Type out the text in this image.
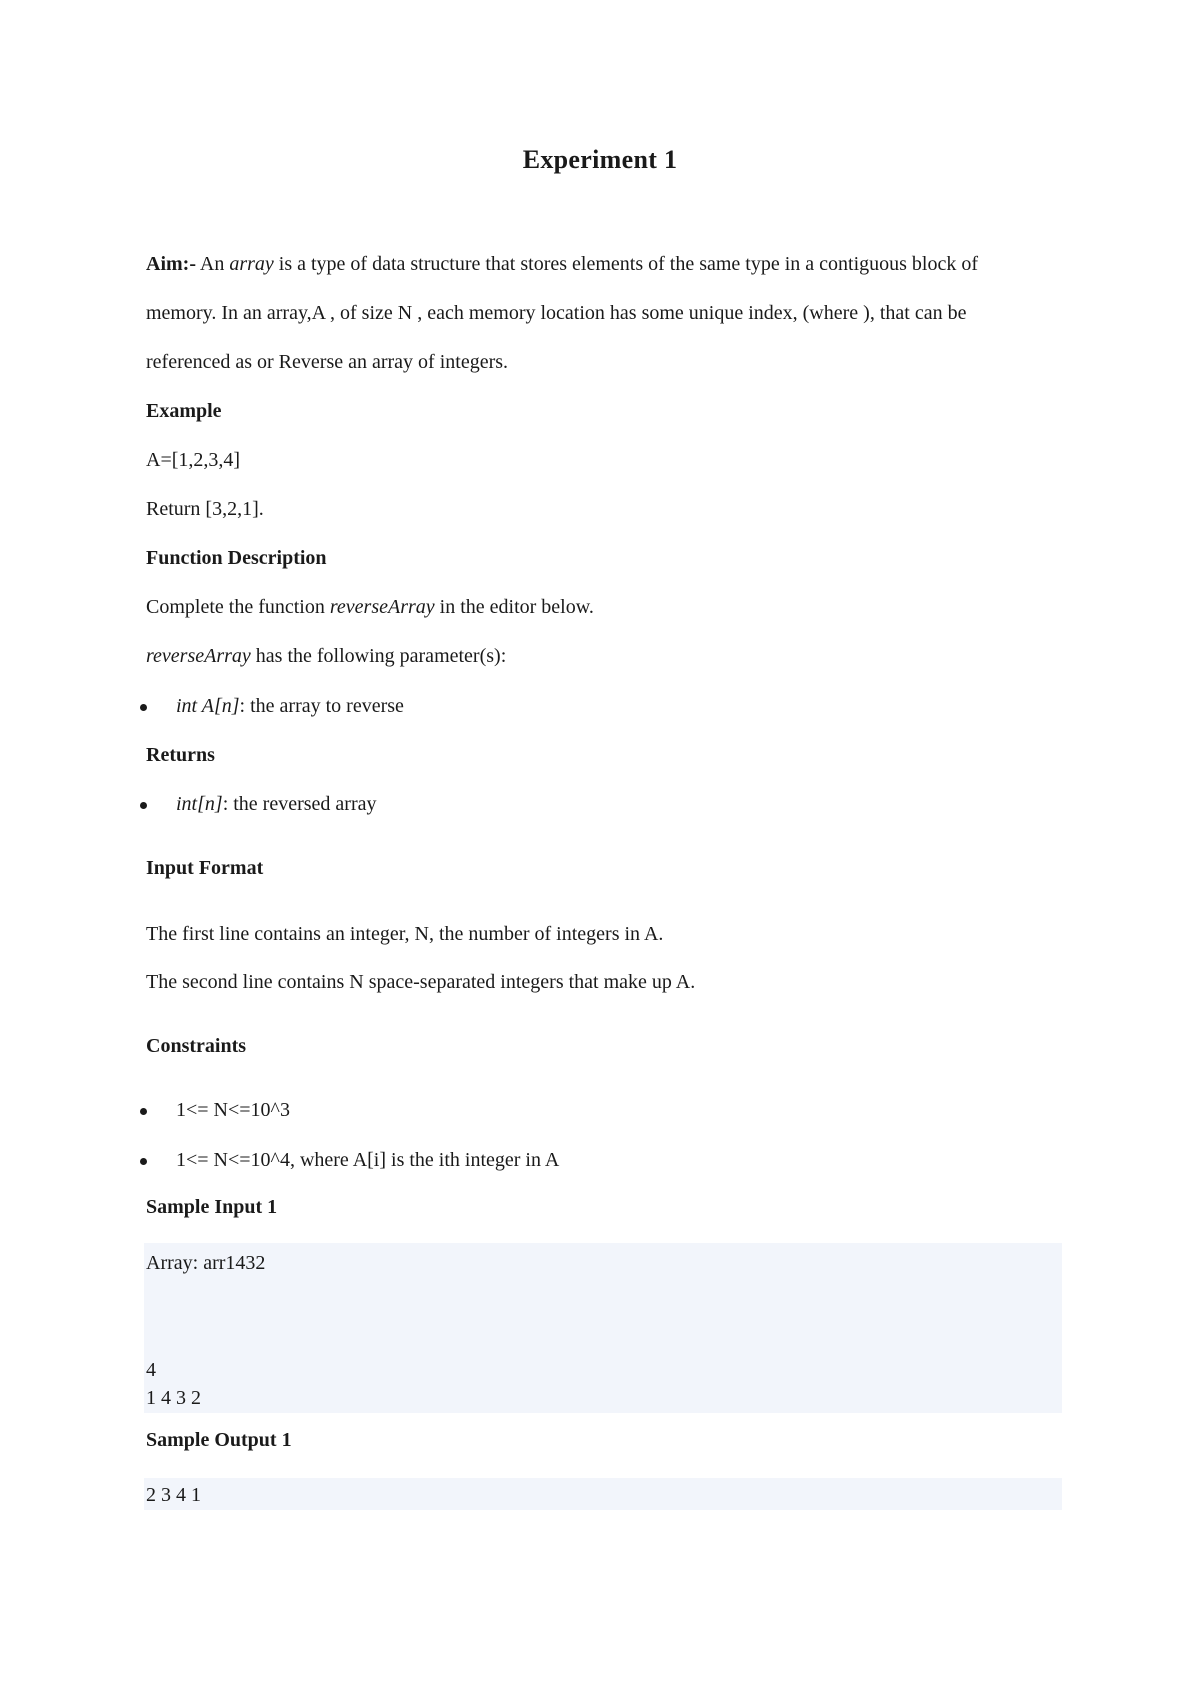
Experiment 1
Aim:- An array is a type of data structure that stores elements of the same type in a contiguous block of
memory. In an array,A , of size N , each memory location has some unique index, (where ), that can be
referenced as or Reverse an array of integers.
Example
A=[1,2,3,4]
Return [3,2,1].
Function Description
Complete the function reverseArray in the editor below.
reverseArray has the following parameter(s):
int A[n]: the array to reverse
Returns
int[n]: the reversed array
Input Format
The first line contains an integer, N, the number of integers in A.
The second line contains N space-separated integers that make up A.
Constraints
1<= N<=10^3
1<= N<=10^4, where A[i] is the ith integer in A
Sample Input 1
Array: arr1432
4
1 4 3 2
Sample Output 1
2 3 4 1
